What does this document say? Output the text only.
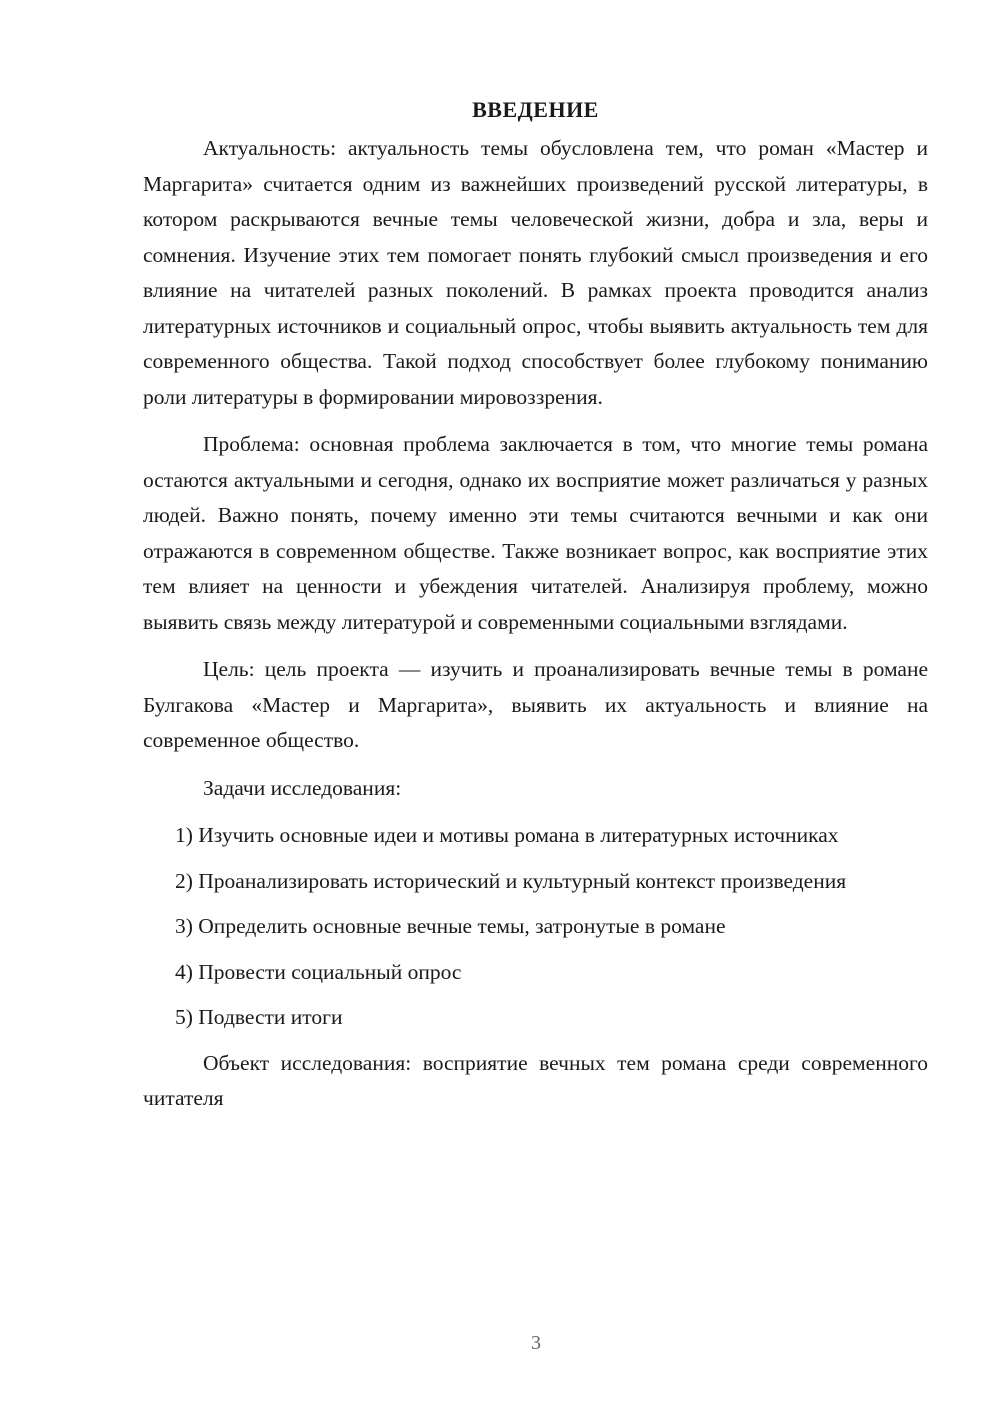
ВВЕДЕНИЕ

Актуальность: актуальность темы обусловлена тем, что роман «Мастер и Маргарита» считается одним из важнейших произведений русской литературы, в котором раскрываются вечные темы человеческой жизни, добра и зла, веры и сомнения. Изучение этих тем помогает понять глубокий смысл произведения и его влияние на читателей разных поколений. В рамках проекта проводится анализ литературных источников и социальный опрос, чтобы выявить актуальность тем для современного общества. Такой подход способствует более глубокому пониманию роли литературы в формировании мировоззрения.

Проблема: основная проблема заключается в том, что многие темы романа остаются актуальными и сегодня, однако их восприятие может различаться у разных людей. Важно понять, почему именно эти темы считаются вечными и как они отражаются в современном обществе. Также возникает вопрос, как восприятие этих тем влияет на ценности и убеждения читателей. Анализируя проблему, можно выявить связь между литературой и современными социальными взглядами.

Цель: цель проекта — изучить и проанализировать вечные темы в романе Булгакова «Мастер и Маргарита», выявить их актуальность и влияние на современное общество.

Задачи исследования:

1) Изучить основные идеи и мотивы романа в литературных источниках

2) Проанализировать исторический и культурный контекст произведения

3) Определить основные вечные темы, затронутые в романе

4) Провести социальный опрос

5) Подвести итоги

Объект исследования: восприятие вечных тем романа среди современного читателя

3
